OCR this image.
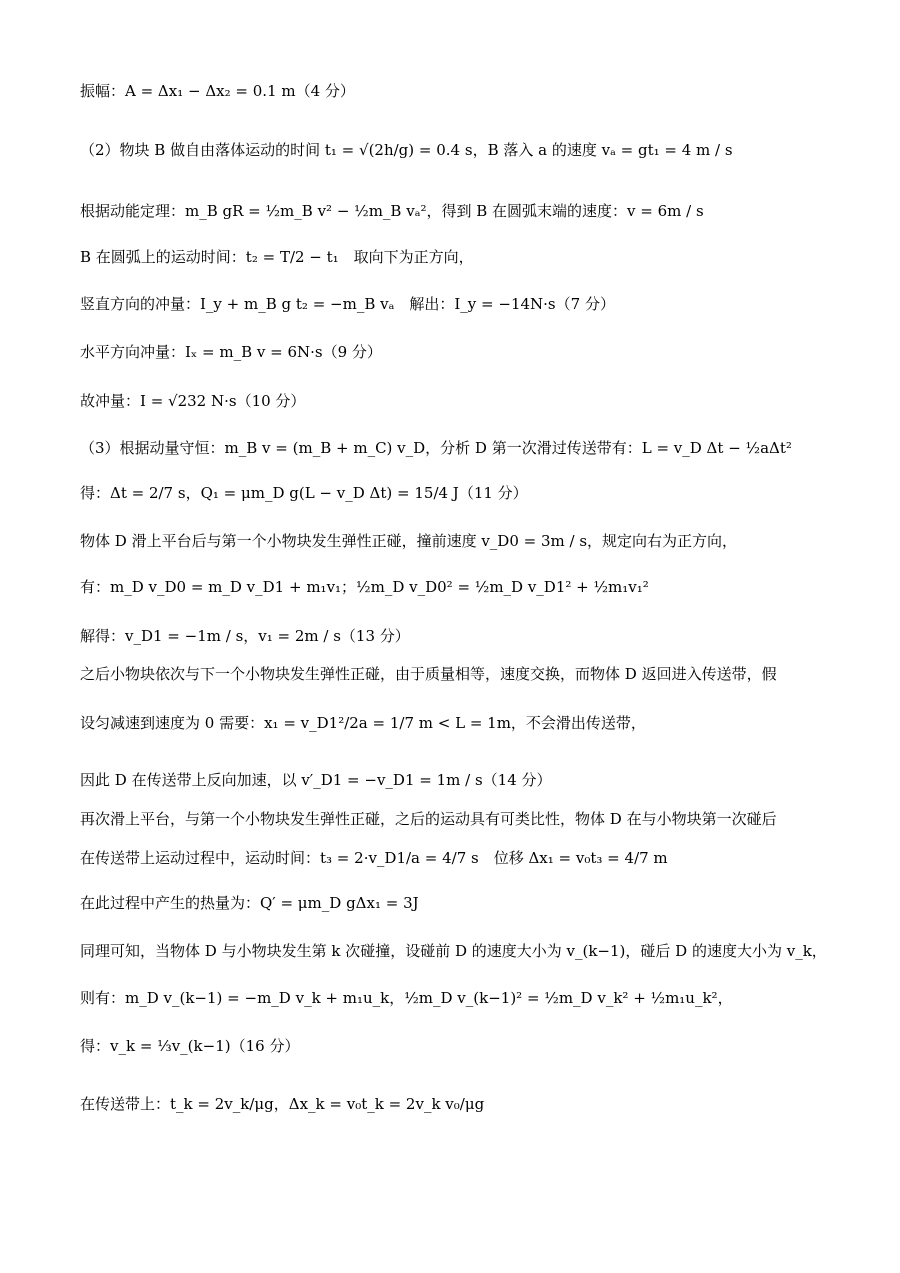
振幅：A = Δx₁ − Δx₂ = 0.1 m（4 分）
（2）物块 B 做自由落体运动的时间 t₁ = √(2h/g) = 0.4 s，B 落入 a 的速度 vₐ = gt₁ = 4 m / s
根据动能定理：m_B gR = ½m_B v² − ½m_B vₐ²，得到 B 在圆弧末端的速度：v = 6m / s
B 在圆弧上的运动时间：t₂ = T/2 − t₁　取向下为正方向，
竖直方向的冲量：I_y + m_B g t₂ = −m_B vₐ　解出：I_y = −14N·s（7 分）
水平方向冲量：Iₓ = m_B v = 6N·s（9 分）
故冲量：I = √232 N·s（10 分）
（3）根据动量守恒：m_B v = (m_B + m_C) v_D，分析 D 第一次滑过传送带有：L = v_D Δt − ½aΔt²
得：Δt = 2/7 s，Q₁ = μm_D g(L − v_D Δt) = 15/4 J（11 分）
物体 D 滑上平台后与第一个小物块发生弹性正碰，撞前速度 v_D0 = 3m / s，规定向右为正方向，
有：m_D v_D0 = m_D v_D1 + m₁v₁；½m_D v_D0² = ½m_D v_D1² + ½m₁v₁²
解得：v_D1 = −1m / s，v₁ = 2m / s（13 分）
之后小物块依次与下一个小物块发生弹性正碰，由于质量相等，速度交换，而物体 D 返回进入传送带，假
设匀减速到速度为 0 需要：x₁ = v_D1²/2a = 1/7 m < L = 1m，不会滑出传送带，
因此 D 在传送带上反向加速，以 v′_D1 = −v_D1 = 1m / s（14 分）
再次滑上平台，与第一个小物块发生弹性正碰，之后的运动具有可类比性，物体 D 在与小物块第一次碰后
在传送带上运动过程中，运动时间：t₃ = 2·v_D1/a = 4/7 s　位移 Δx₁ = v₀t₃ = 4/7 m
在此过程中产生的热量为：Q′ = μm_D gΔx₁ = 3J
同理可知，当物体 D 与小物块发生第 k 次碰撞，设碰前 D 的速度大小为 v_(k−1)，碰后 D 的速度大小为 v_k，
则有：m_D v_(k−1) = −m_D v_k + m₁u_k，½m_D v_(k−1)² = ½m_D v_k² + ½m₁u_k²，
得：v_k = ⅓v_(k−1)（16 分）
在传送带上：t_k = 2v_k/μg，Δx_k = v₀t_k = 2v_k v₀/μg
